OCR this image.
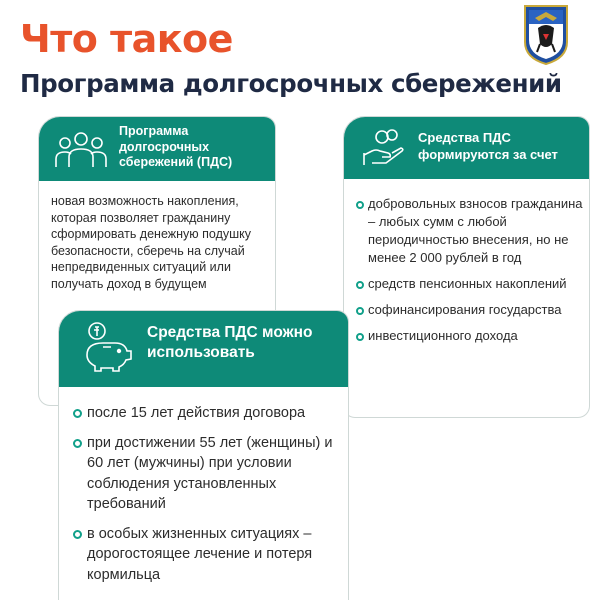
Что такое
Программа долгосрочных сбережений
Программа долгосрочных сбережений (ПДС)
новая возможность накопления, которая позволяет гражданину сформировать денежную подушку безопасности, сберечь на случай непредвиденных ситуаций или получать доход в будущем
Средства ПДС формируются за счет
добровольных взносов гражданина – любых сумм с любой периодичностью внесения, но не менее 2 000 рублей в год
средств пенсионных накоплений
софинансирования государства
инвестиционного дохода
Средства ПДС можно использовать
после 15 лет действия договора
при достижении 55 лет (женщины) и 60 лет (мужчины) при условии соблюдения установленных требований
в особых жизненных ситуациях – дорогостоящее лечение и потеря кормильца
